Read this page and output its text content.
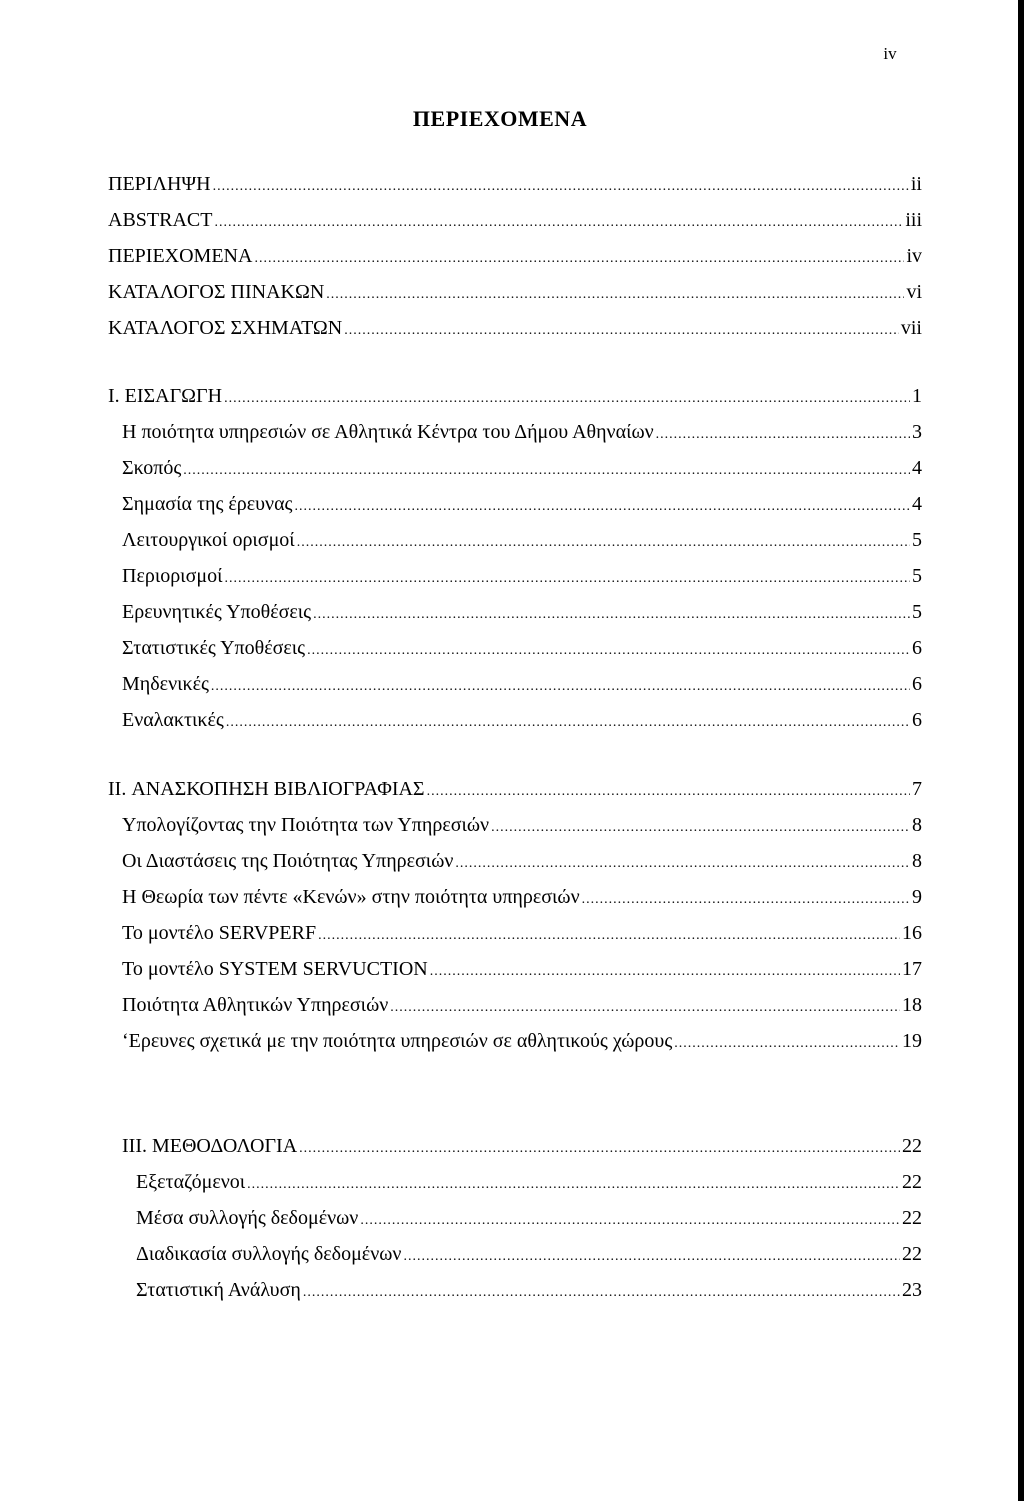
iv
ΠΕΡΙΕΧΟΜΕΝΑ
ΠΕΡΙΛΗΨΗ .....	ii
ABSTRACT .....	iii
ΠΕΡΙΕΧΟΜΕΝΑ .....	iv
ΚΑΤΑΛΟΓΟΣ ΠΙΝΑΚΩΝ .....	vi
ΚΑΤΑΛΟΓΟΣ ΣΧΗΜΑΤΩΝ .....	vii
I. ΕΙΣΑΓΩΓΗ .....	1
Η ποιότητα υπηρεσιών σε Αθλητικά Κέντρα του Δήμου Αθηναίων .....	3
Σκοπός .....	4
Σημασία της έρευνας .....	4
Λειτουργικοί ορισμοί .....	5
Περιορισμοί .....	5
Ερευνητικές Υποθέσεις .....	5
Στατιστικές Υποθέσεις .....	6
Μηδενικές .....	6
Εναλακτικές .....	6
II. ΑΝΑΣΚΟΠΗΣΗ ΒΙΒΛΙΟΓΡΑΦΙΑΣ .....	7
Υπολογίζοντας την Ποιότητα των Υπηρεσιών .....	8
Οι Διαστάσεις της Ποιότητας Υπηρεσιών .....	8
Η Θεωρία των πέντε «Κενών» στην ποιότητα υπηρεσιών .....	9
Το μοντέλο SERVPERF .....	16
Το μοντέλο SYSTEM SERVUCTION .....	17
Ποιότητα Αθλητικών Υπηρεσιών .....	18
‘Ερευνες σχετικά με την ποιότητα υπηρεσιών σε αθλητικούς χώρους .....	19
III. ΜΕΘΟΔΟΛΟΓΙΑ .....	22
Εξεταζόμενοι .....	22
Μέσα συλλογής δεδομένων .....	22
Διαδικασία συλλογής δεδομένων .....	22
Στατιστική Ανάλυση .....	23
